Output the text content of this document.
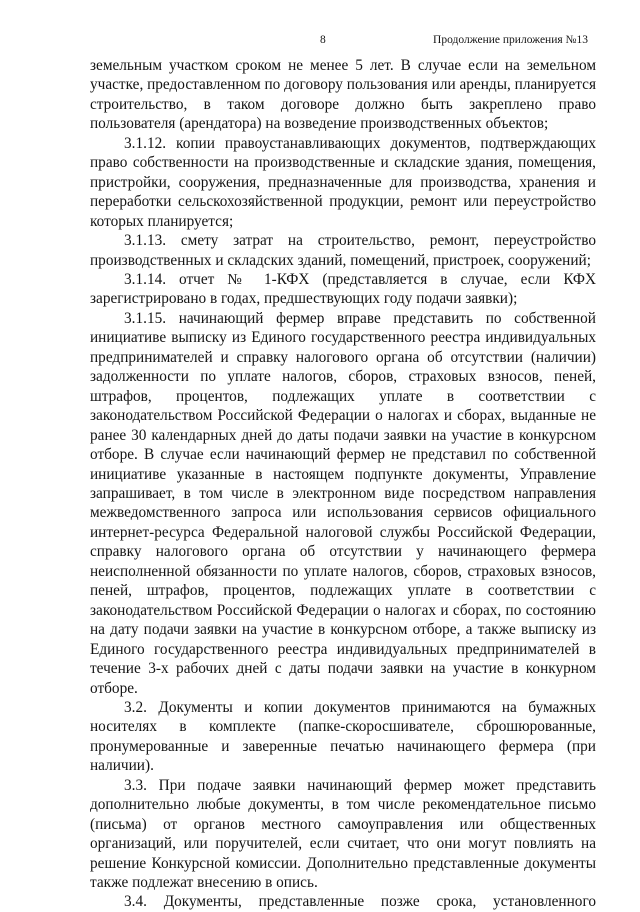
8	Продолжение приложения №13

земельным участком сроком не менее 5 лет. В случае если на земельном участке, предоставленном по договору пользования или аренды, планируется строительство, в таком договоре должно быть закреплено право пользователя (арендатора) на возведение производственных объектов;

3.1.12. копии правоустанавливающих документов, подтверждающих право собственности на производственные и складские здания, помещения, пристройки, сооружения, предназначенные для производства, хранения и переработки сельскохозяйственной продукции, ремонт или переустройство которых планируется;

3.1.13. смету затрат на строительство, ремонт, переустройство производственных и складских зданий, помещений, пристроек, сооружений;

3.1.14. отчет № 1-КФХ (представляется в случае, если КФХ зарегистрировано в годах, предшествующих году подачи заявки);

3.1.15. начинающий фермер вправе представить по собственной инициативе выписку из Единого государственного реестра индивидуальных предпринимателей и справку налогового органа об отсутствии (наличии) задолженности по уплате налогов, сборов, страховых взносов, пеней, штрафов, процентов, подлежащих уплате в соответствии с законодательством Российской Федерации о налогах и сборах, выданные не ранее 30 календарных дней до даты подачи заявки на участие в конкурсном отборе. В случае если начинающий фермер не представил по собственной инициативе указанные в настоящем подпункте документы, Управление запрашивает, в том числе в электронном виде посредством направления межведомственного запроса или использования сервисов официального интернет-ресурса Федеральной налоговой службы Российской Федерации, справку налогового органа об отсутствии у начинающего фермера неисполненной обязанности по уплате налогов, сборов, страховых взносов, пеней, штрафов, процентов, подлежащих уплате в соответствии с законодательством Российской Федерации о налогах и сборах, по состоянию на дату подачи заявки на участие в конкурсном отборе, а также выписку из Единого государственного реестра индивидуальных предпринимателей в течение 3-х рабочих дней с даты подачи заявки на участие в конкурном отборе.

3.2. Документы и копии документов принимаются на бумажных носителях в комплекте (папке-скоросшивателе, сброшюрованные, пронумерованные и заверенные печатью начинающего фермера (при наличии).

3.3. При подаче заявки начинающий фермер может представить дополнительно любые документы, в том числе рекомендательное письмо (письма) от органов местного самоуправления или общественных организаций, или поручителей, если считает, что они могут повлиять на решение Конкурсной комиссии. Дополнительно представленные документы также подлежат внесению в опись.

3.4. Документы, представленные позже срока, установленного
